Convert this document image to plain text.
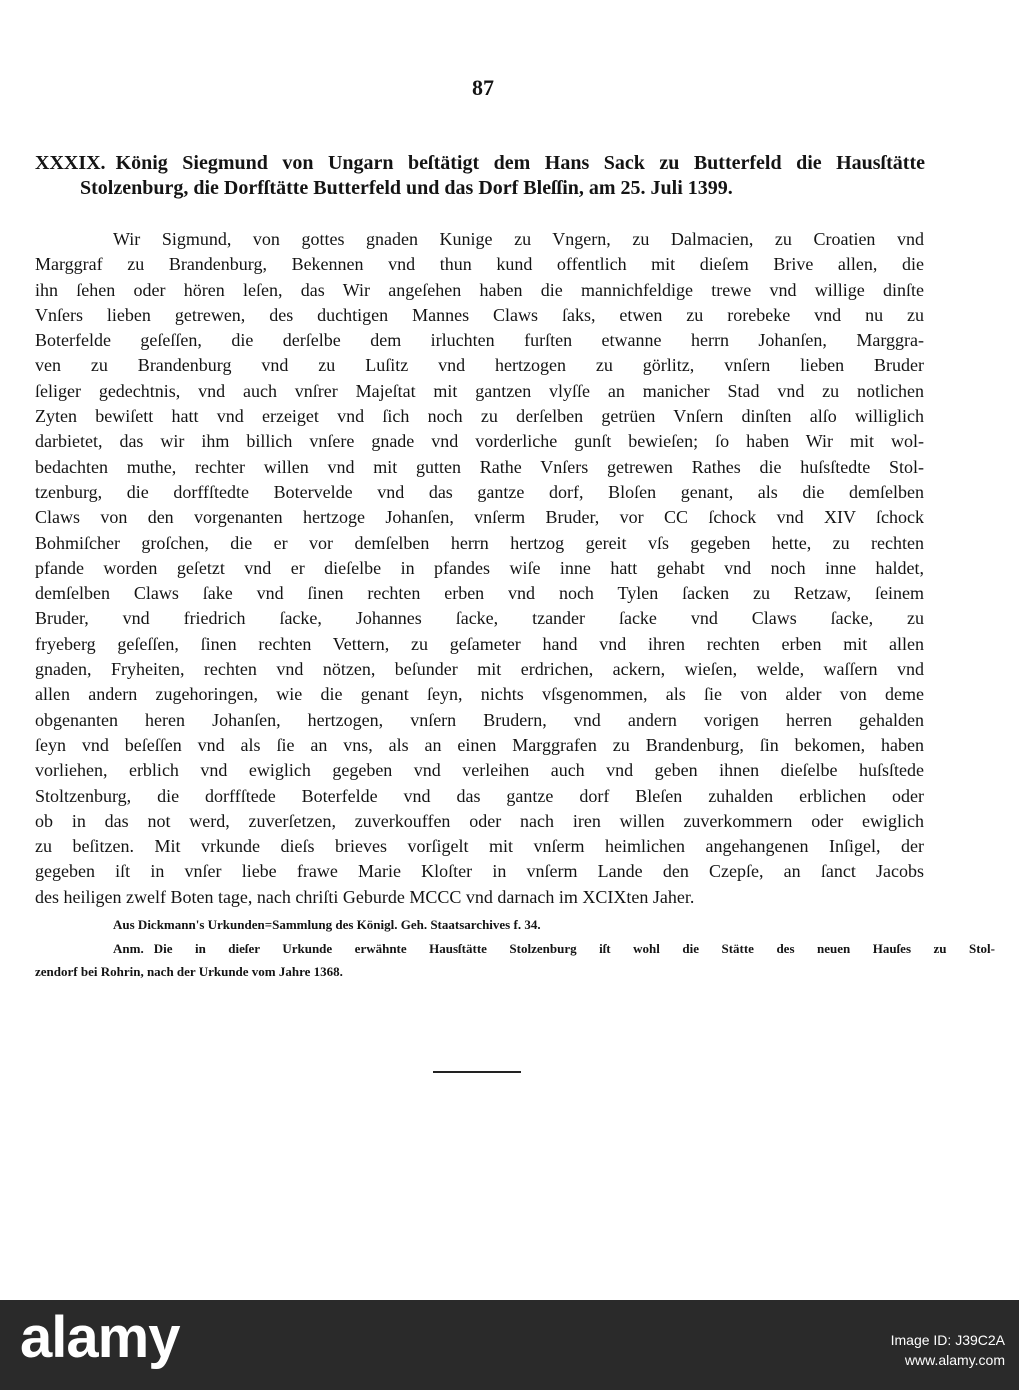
87
XXXIX. König Siegmund von Ungarn beſtätigt dem Hans Sack zu Butterfeld die Hausſtätte
Stolzenburg, die Dorfſtätte Butterfeld und das Dorf Bleſſin, am 25. Juli 1399.
Wir Sigmund, von gottes gnaden Kunige zu Vngern, zu Dalmacien, zu Croatien vnd
Marggraf zu Brandenburg, Bekennen vnd thun kund offentlich mit dieſem Brive allen, die
ihn ſehen oder hören leſen, das Wir angeſehen haben die mannichfeldige trewe vnd willige dinſte
Vnſers lieben getrewen, des duchtigen Mannes Claws ſaks, etwen zu rorebeke vnd nu zu
Boterfelde geſeſſen, die derſelbe dem irluchten furſten etwanne herrn Johanſen, Marggra-
ven zu Brandenburg vnd zu Luſitz vnd hertzogen zu görlitz, vnſern lieben Bruder
ſeliger gedechtnis, vnd auch vnſrer Majeſtat mit gantzen vlyſſe an manicher Stad vnd zu notlichen
Zyten bewiſett hatt vnd erzeiget vnd ſich noch zu derſelben getrüen Vnſern dinſten alſo williglich
darbietet, das wir ihm billich vnſere gnade vnd vorderliche gunſt bewieſen; ſo haben Wir mit wol-
bedachten muthe, rechter willen vnd mit gutten Rathe Vnſers getrewen Rathes die huſsſtedte Stol-
tzenburg, die dorffſtedte Botervelde vnd das gantze dorf, Bloſen genant, als die demſelben
Claws von den vorgenanten hertzoge Johanſen, vnſerm Bruder, vor CC ſchock vnd XIV ſchock
Bohmiſcher groſchen, die er vor demſelben herrn hertzog gereit vſs gegeben hette, zu rechten
pfande worden geſetzt vnd er dieſelbe in pfandes wiſe inne hatt gehabt vnd noch inne haldet,
demſelben Claws ſake vnd ſinen rechten erben vnd noch Tylen ſacken zu Retzaw, ſeinem
Bruder, vnd friedrich ſacke, Johannes ſacke, tzander ſacke vnd Claws ſacke, zu
fryeberg geſeſſen, ſinen rechten Vettern, zu geſameter hand vnd ihren rechten erben mit allen
gnaden, Fryheiten, rechten vnd nötzen, beſunder mit erdrichen, ackern, wieſen, welde, waſſern vnd
allen andern zugehoringen, wie die genant ſeyn, nichts vſsgenommen, als ſie von alder von deme
obgenanten heren Johanſen, hertzogen, vnſern Brudern, vnd andern vorigen herren gehalden
ſeyn vnd beſeſſen vnd als ſie an vns, als an einen Marggrafen zu Brandenburg, ſin bekomen, haben
vorliehen, erblich vnd ewiglich gegeben vnd verleihen auch vnd geben ihnen dieſelbe huſsſtede
Stoltzenburg, die dorffſtede Boterfelde vnd das gantze dorf Bleſen zuhalden erblichen oder
ob in das not werd, zuverſetzen, zuverkouffen oder nach iren willen zuverkommern oder ewiglich
zu beſitzen. Mit vrkunde dieſs brieves vorſigelt mit vnſerm heimlichen angehangenen Inſigel, der
gegeben iſt in vnſer liebe frawe Marie Kloſter in vnſerm Lande den Czepſe, an ſanct Jacobs
des heiligen zwelf Boten tage, nach chriſti Geburde MCCC vnd darnach im XCIXten Jaher.
Aus Dickmann's Urkunden=Sammlung des Königl. Geh. Staatsarchives f. 34.
Anm. Die in dieſer Urkunde erwähnte Hausſtätte Stolzenburg iſt wohl die Stätte des neuen Hauſes zu Stol-
zendorf bei Rohrin, nach der Urkunde vom Jahre 1368.
alamy	Image ID: J39C2A
www.alamy.com
